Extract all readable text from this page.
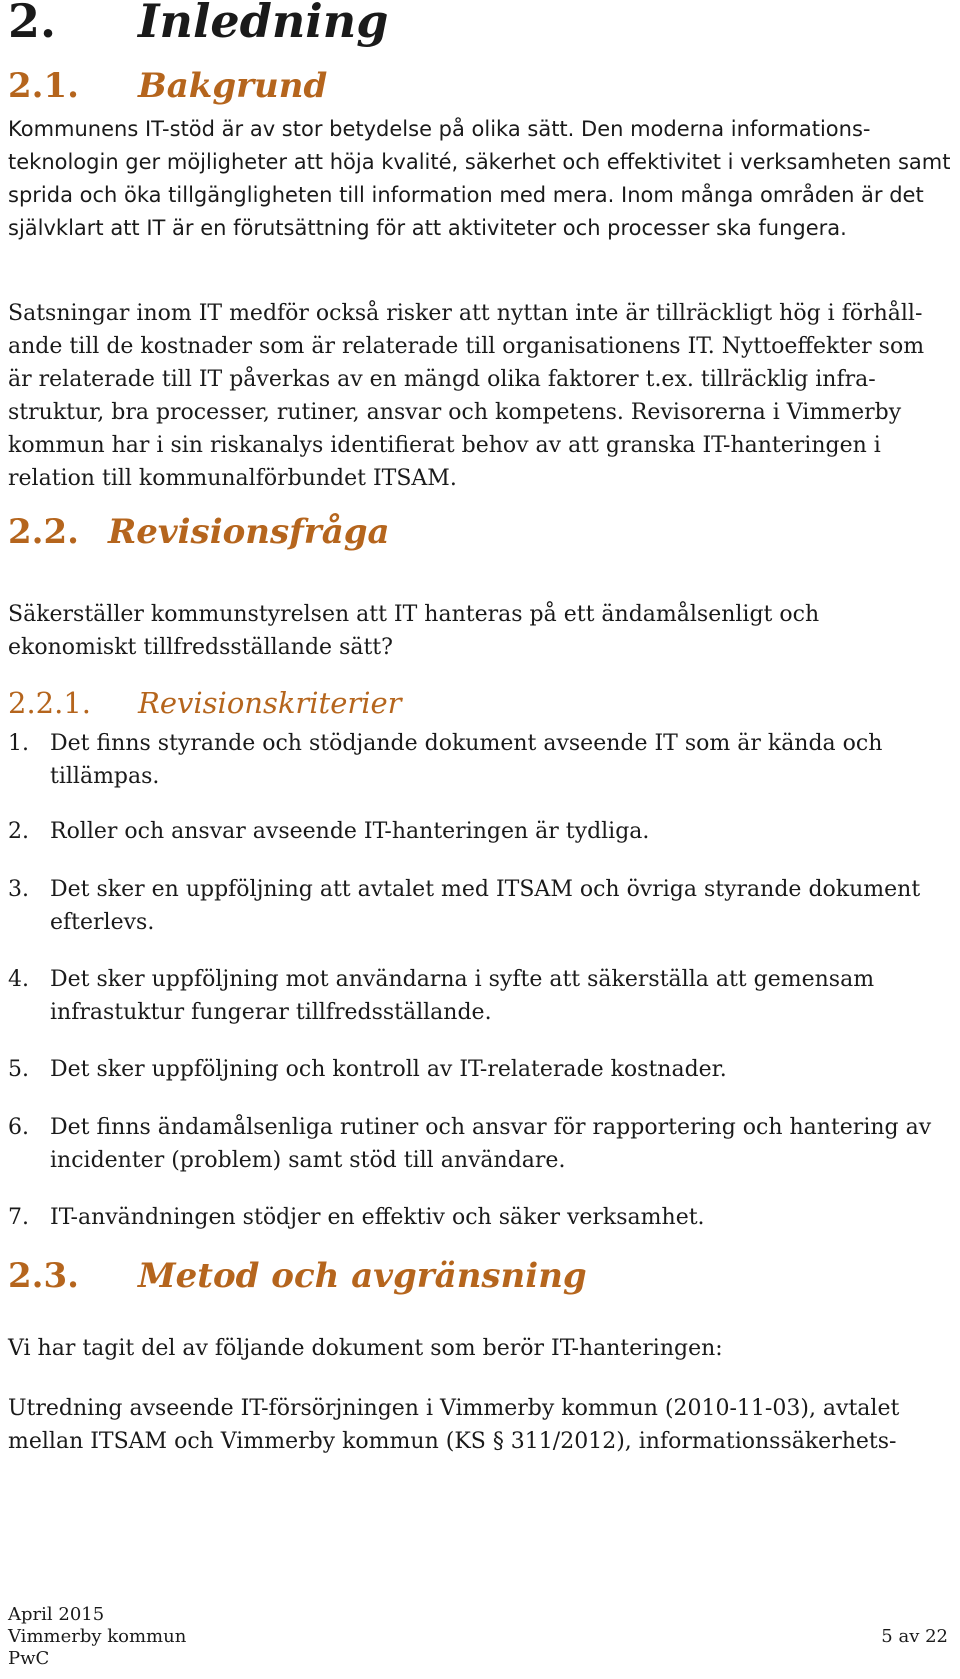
2. Inledning
2.1. Bakgrund

Kommunens IT-stöd är av stor betydelse på olika sätt. Den moderna informations-teknologin ger möjligheter att höja kvalité, säkerhet och effektivitet i verksamheten samt sprida och öka tillgängligheten till information med mera. Inom många områden är det självklart att IT är en förutsättning för att aktiviteter och processer ska fungera.

Satsningar inom IT medför också risker att nyttan inte är tillräckligt hög i förhåll-ande till de kostnader som är relaterade till organisationens IT. Nyttoeffekter som är relaterade till IT påverkas av en mängd olika faktorer t.ex. tillräcklig infra-struktur, bra processer, rutiner, ansvar och kompetens. Revisorerna i Vimmerby kommun har i sin riskanalys identifierat behov av att granska IT-hanteringen i relation till kommunalförbundet ITSAM.

2.2. Revisionsfråga

Säkerställer kommunstyrelsen att IT hanteras på ett ändamålsenligt och ekonomiskt tillfredsställande sätt?

2.2.1. Revisionskriterier
1. Det finns styrande och stödjande dokument avseende IT som är kända och tillämpas.
2. Roller och ansvar avseende IT-hanteringen är tydliga.
3. Det sker en uppföljning att avtalet med ITSAM och övriga styrande dokument efterlevs.
4. Det sker uppföljning mot användarna i syfte att säkerställa att gemensam infrastuktur fungerar tillfredsställande.
5. Det sker uppföljning och kontroll av IT-relaterade kostnader.
6. Det finns ändamålsenliga rutiner och ansvar för rapportering och hantering av incidenter (problem) samt stöd till användare.
7. IT-användningen stödjer en effektiv och säker verksamhet.
2.3. Metod och avgränsning

Vi har tagit del av följande dokument som berör IT-hanteringen:

Utredning avseende IT-försörjningen i Vimmerby kommun (2010-11-03), avtalet mellan ITSAM och Vimmerby kommun (KS § 311/2012), informationssäkerhets-

April 2015
Vimmerby kommun
PwC
5 av 22
